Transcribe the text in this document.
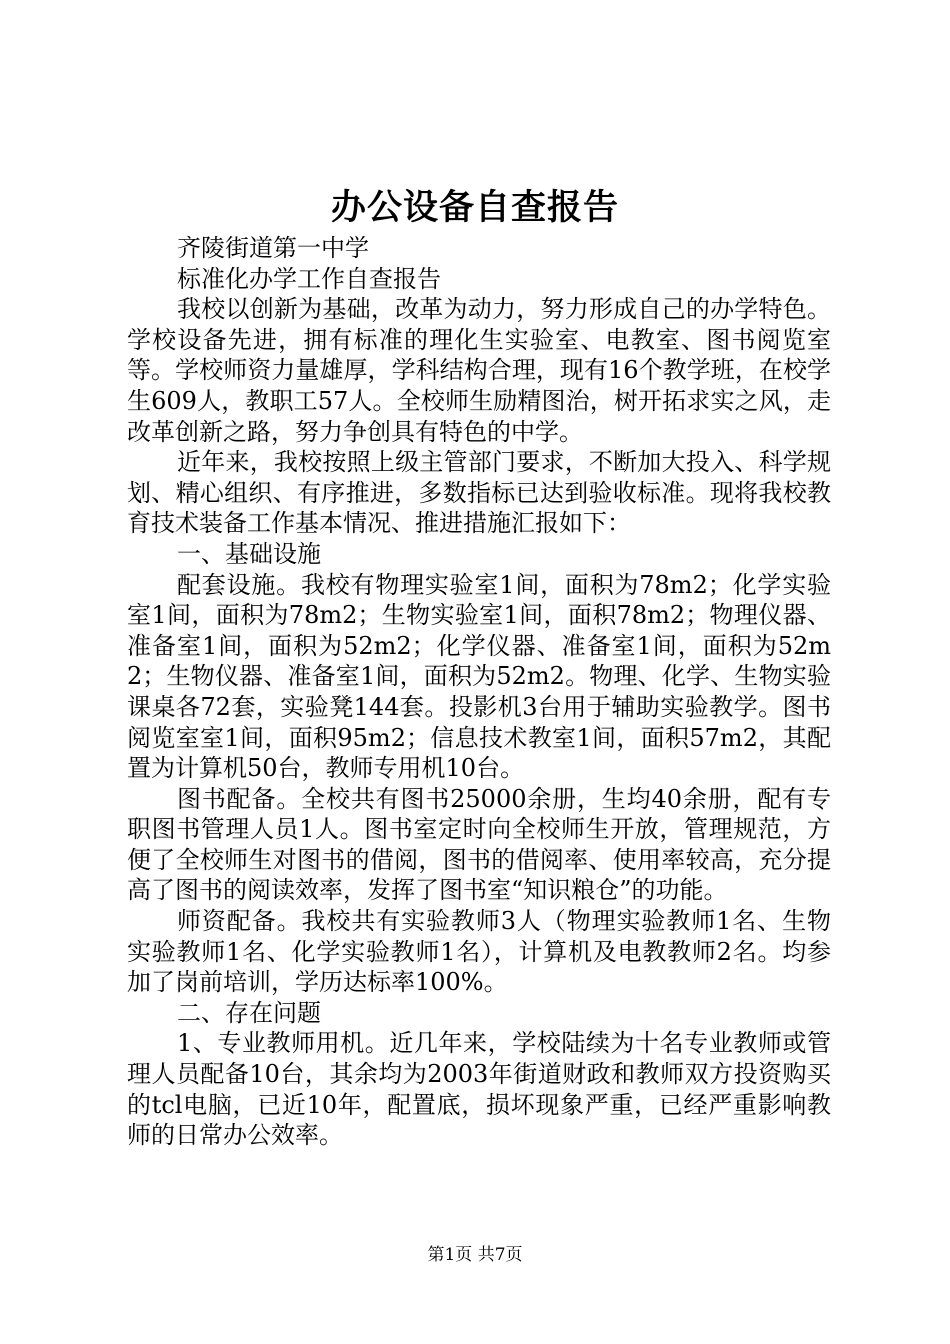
办公设备自查报告

齐陵街道第一中学

标准化办学工作自查报告

我校以创新为基础，改革为动力，努力形成自己的办学特色。学校设备先进，拥有标准的理化生实验室、电教室、图书阅览室等。学校师资力量雄厚，学科结构合理，现有16个教学班，在校学生609人，教职工57人。全校师生励精图治，树开拓求实之风，走改革创新之路，努力争创具有特色的中学。

近年来，我校按照上级主管部门要求，不断加大投入、科学规划、精心组织、有序推进，多数指标已达到验收标准。现将我校教育技术装备工作基本情况、推进措施汇报如下：

一、基础设施

配套设施。我校有物理实验室1间，面积为78m2；化学实验室1间，面积为78m2；生物实验室1间，面积78m2；物理仪器、准备室1间，面积为52m2；化学仪器、准备室1间，面积为52m2；生物仪器、准备室1间，面积为52m2。物理、化学、生物实验课桌各72套，实验凳144套。投影机3台用于辅助实验教学。图书阅览室室1间，面积95m2；信息技术教室1间，面积57m2，其配置为计算机50台，教师专用机10台。

图书配备。全校共有图书25000余册，生均40余册，配有专职图书管理人员1人。图书室定时向全校师生开放，管理规范，方便了全校师生对图书的借阅，图书的借阅率、使用率较高，充分提高了图书的阅读效率，发挥了图书室“知识粮仓”的功能。

师资配备。我校共有实验教师3人（物理实验教师1名、生物实验教师1名、化学实验教师1名），计算机及电教教师2名。均参加了岗前培训，学历达标率100%。

二、存在问题

1、专业教师用机。近几年来，学校陆续为十名专业教师或管理人员配备10台，其余均为2003年街道财政和教师双方投资购买的tcl电脑，已近10年，配置底，损坏现象严重，已经严重影响教师的日常办公效率。

第1页 共7页
